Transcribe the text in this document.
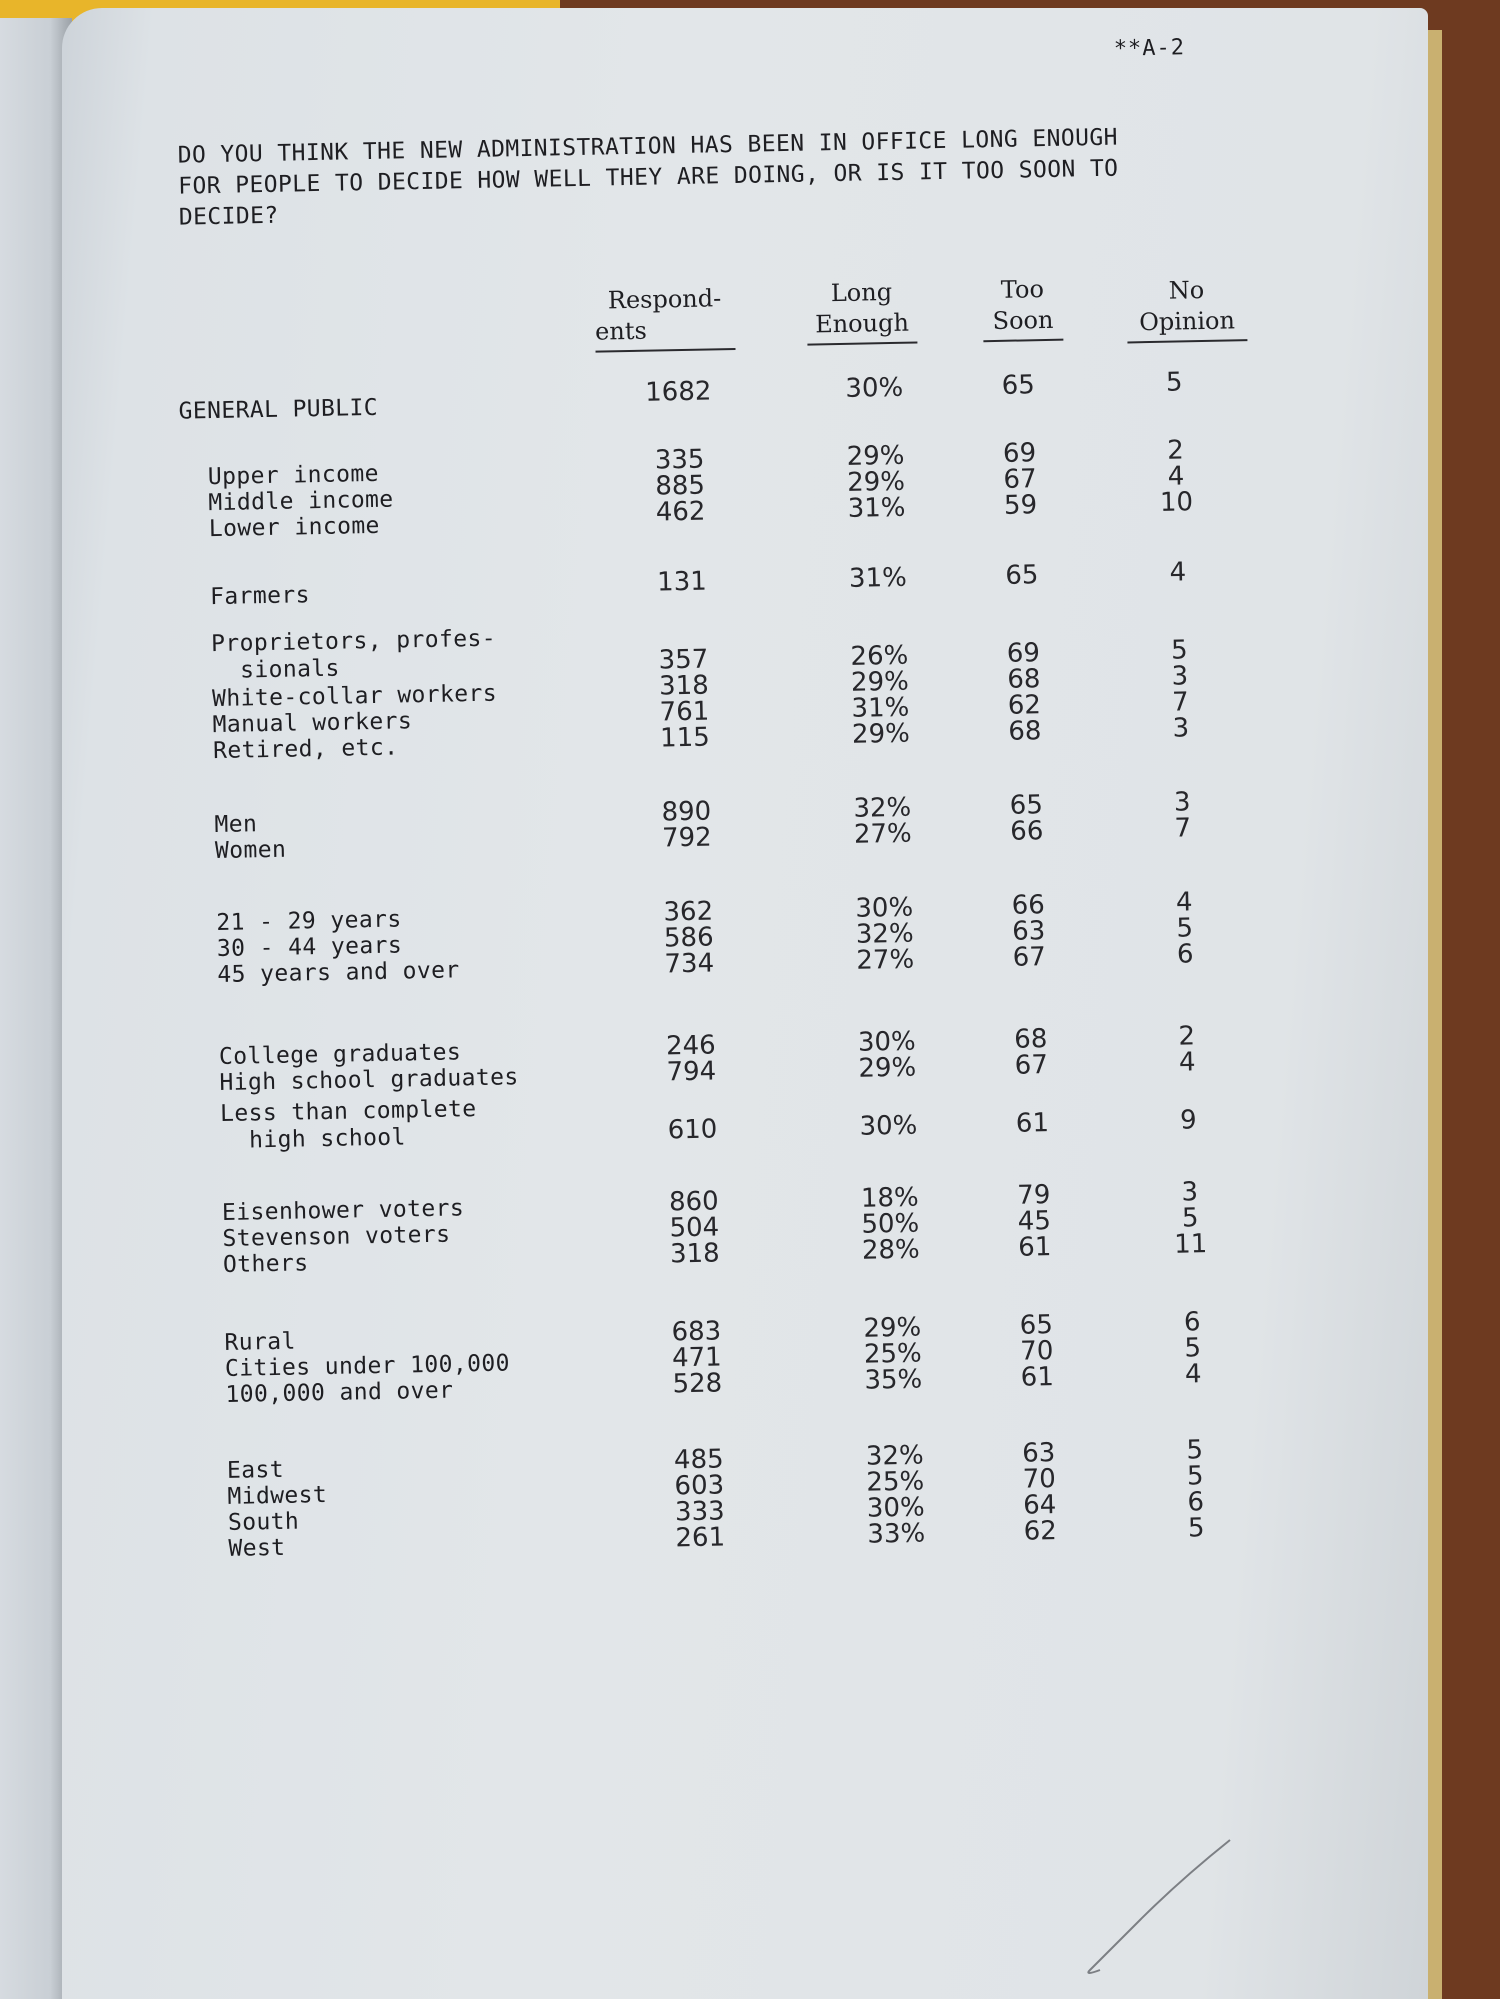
**A-2
DO YOU THINK THE NEW ADMINISTRATION HAS BEEN IN OFFICE LONG ENOUGH
FOR PEOPLE TO DECIDE HOW WELL THEY ARE DOING, OR IS IT TOO SOON TO
DECIDE?
Respond-
ents
Long
Enough
Too
Soon
No
Opinion
GENERAL PUBLIC
1682	30%	65	5
Upper income	335	29%	69	2
Middle income	885	29%	67	4
Lower income	462	31%	59	10
Farmers	131	31%	65	4
Proprietors, profes-
sionals	357	26%	69	5
White-collar workers	318	29%	68	3
Manual workers	761	31%	62	7
Retired, etc.	115	29%	68	3
Men	890	32%	65	3
Women	792	27%	66	7
21 - 29 years	362	30%	66	4
30 - 44 years	586	32%	63	5
45 years and over	734	27%	67	6
College graduates	246	30%	68	2
High school graduates	794	29%	67	4
Less than complete
high school	610	30%	61	9
Eisenhower voters	860	18%	79	3
Stevenson voters	504	50%	45	5
Others	318	28%	61	11
Rural	683	29%	65	6
Cities under 100,000	471	25%	70	5
100,000 and over	528	35%	61	4
East	485	32%	63	5
Midwest	603	25%	70	5
South	333	30%	64	6
West	261	33%	62	5
